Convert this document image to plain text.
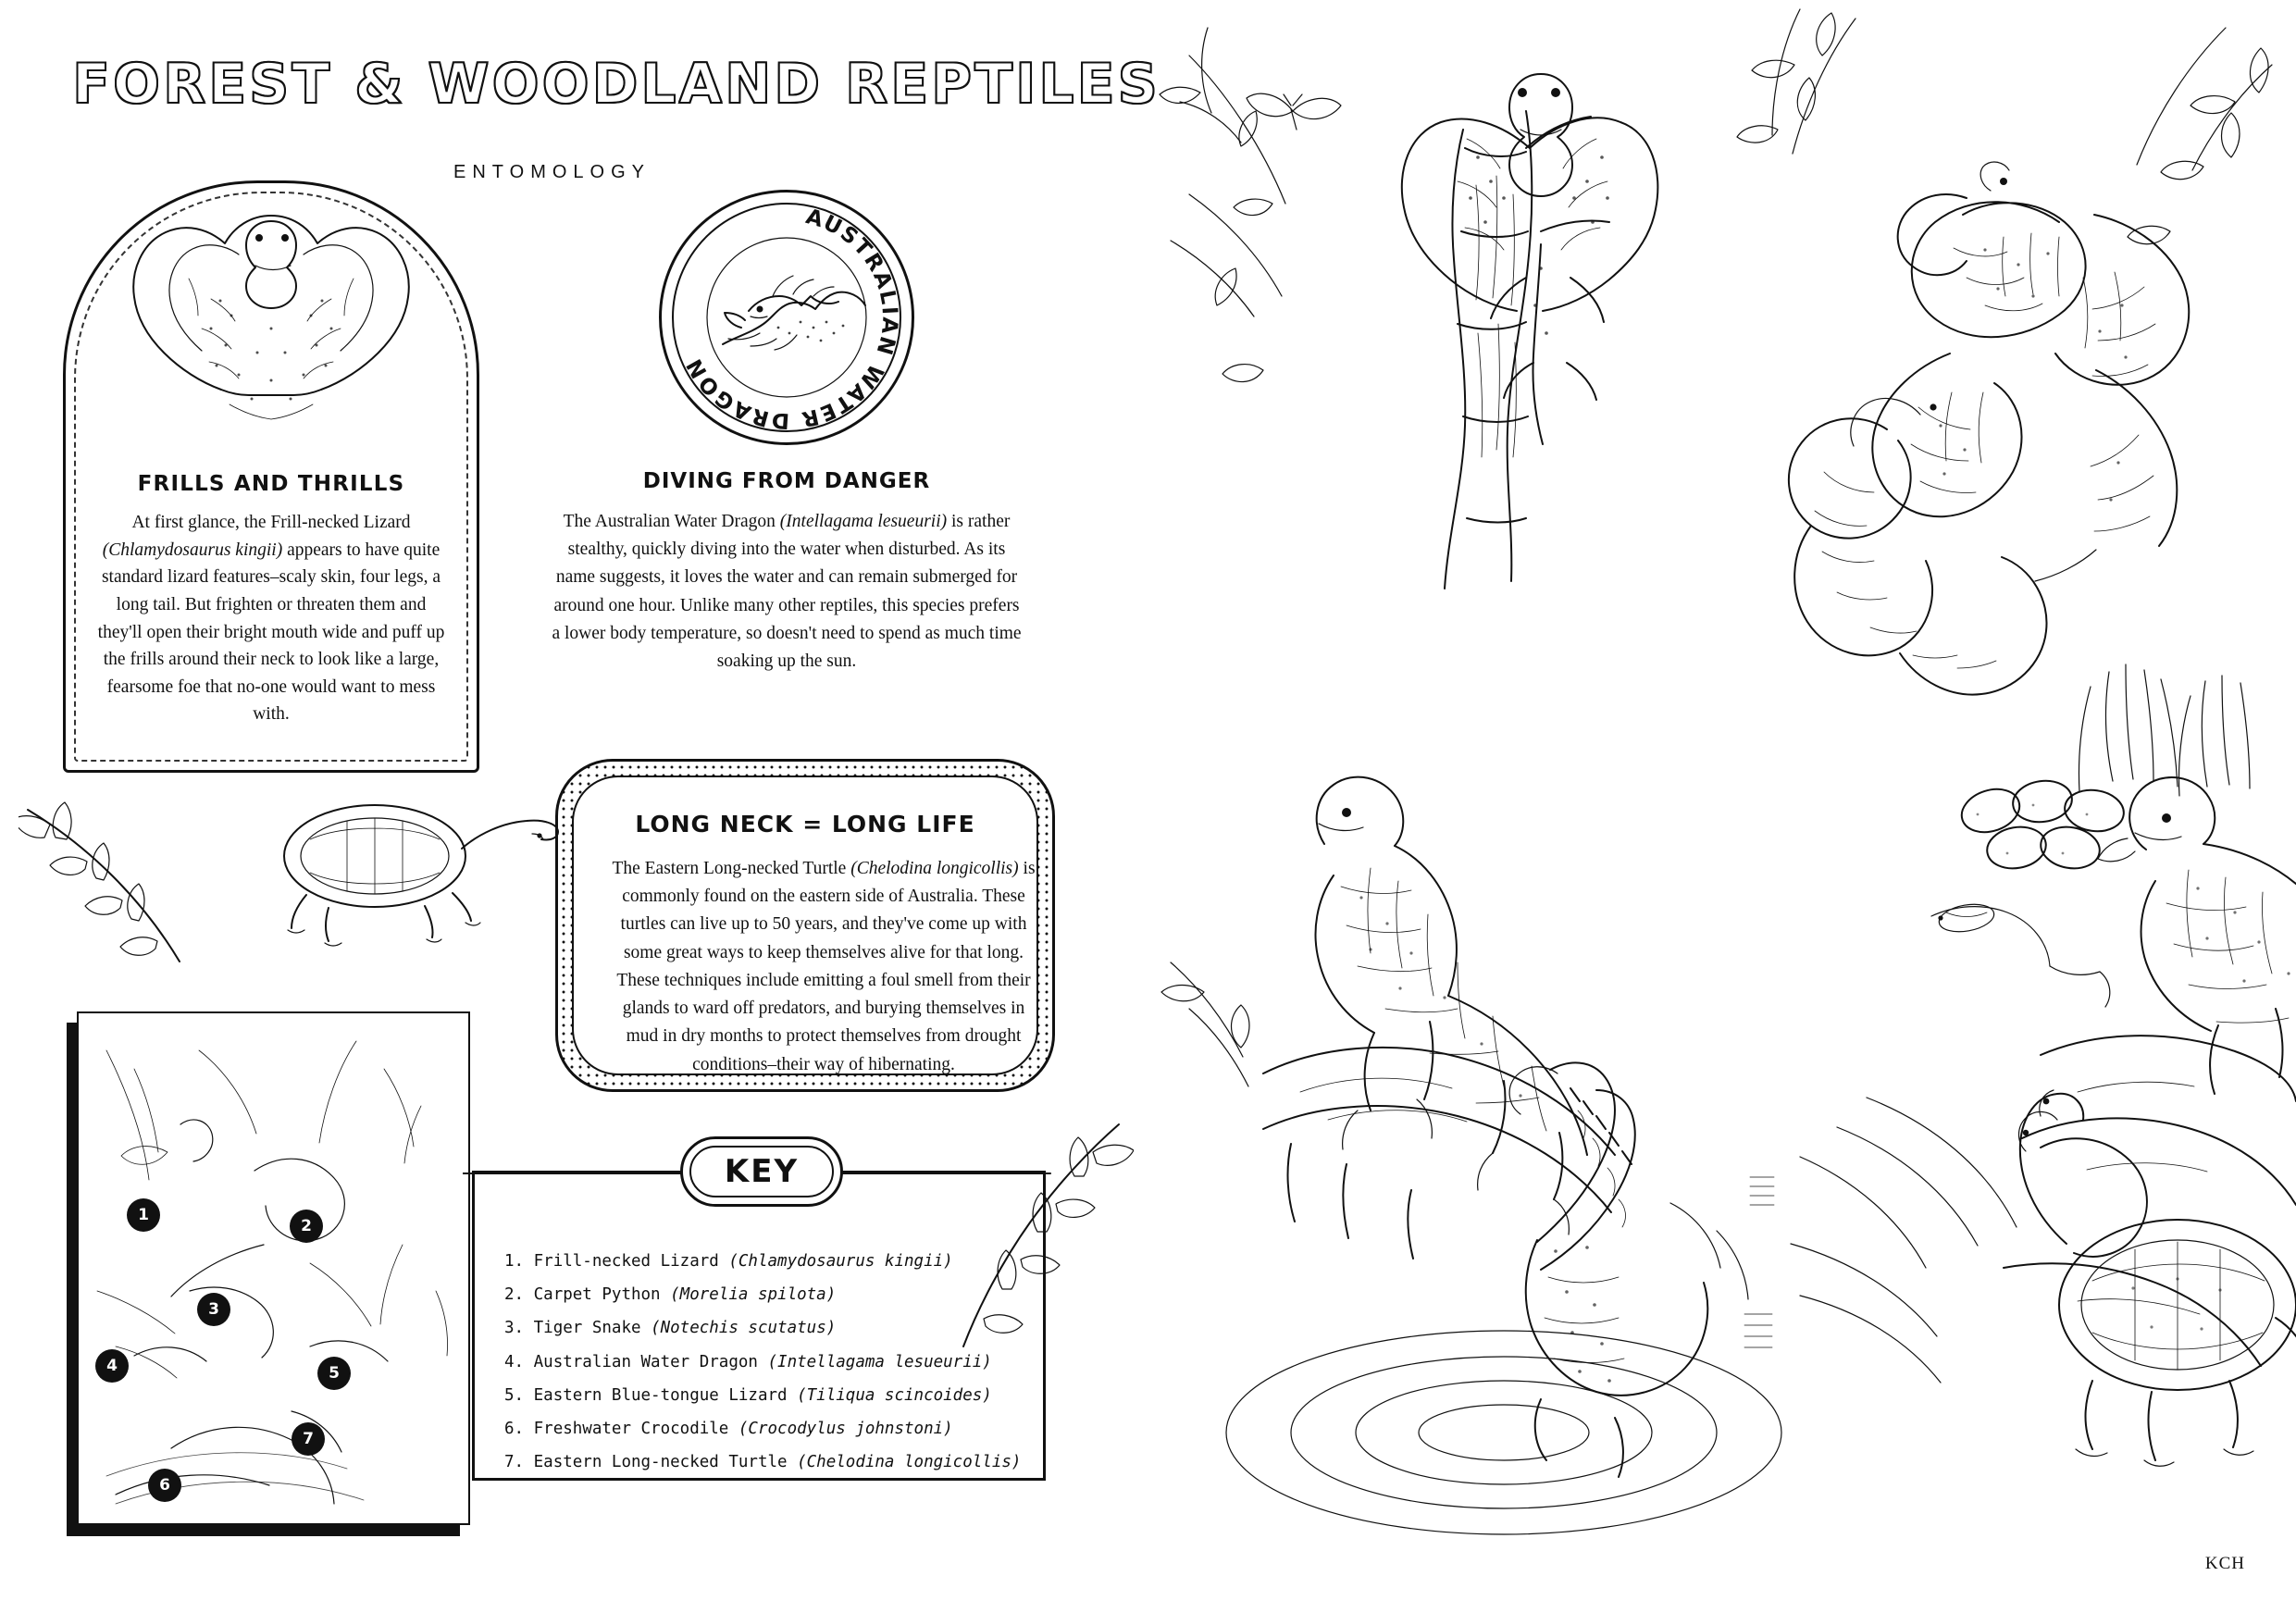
FOREST & WOODLAND REPTILES
ENTOMOLOGY
FRILLS AND THRILLS
At first glance, the Frill-necked Lizard (Chlamydosaurus kingii) appears to have quite standard lizard features–scaly skin, four legs, a long tail. But frighten or threaten them and they'll open their bright mouth wide and puff up the frills around their neck to look like a large, fearsome foe that no-one would want to mess with.
AUSTRALIAN WATER DRAGON
DIVING FROM DANGER
The Australian Water Dragon (Intellagama lesueurii) is rather stealthy, quickly diving into the water when disturbed. As its name suggests, it loves the water and can remain submerged for around one hour. Unlike many other reptiles, this species prefers a lower body temperature, so doesn't need to spend as much time soaking up the sun.
LONG NECK = LONG LIFE
The Eastern Long-necked Turtle (Chelodina longicollis) is commonly found on the eastern side of Australia. These turtles can live up to 50 years, and they've come up with some great ways to keep themselves alive for that long. These techniques include emitting a foul smell from their glands to ward off predators, and burying themselves in mud in dry months to protect themselves from drought conditions–their way of hibernating.
1
2
3
4	5
6
7
KEY
1. Frill-necked Lizard (Chlamydosaurus kingii)
2. Carpet Python (Morelia spilota)
3. Tiger Snake (Notechis scutatus)
4. Australian Water Dragon (Intellagama lesueurii)
5. Eastern Blue-tongue Lizard (Tiliqua scincoides)
6. Freshwater Crocodile (Crocodylus johnstoni)
7. Eastern Long-necked Turtle (Chelodina longicollis)
KCH
